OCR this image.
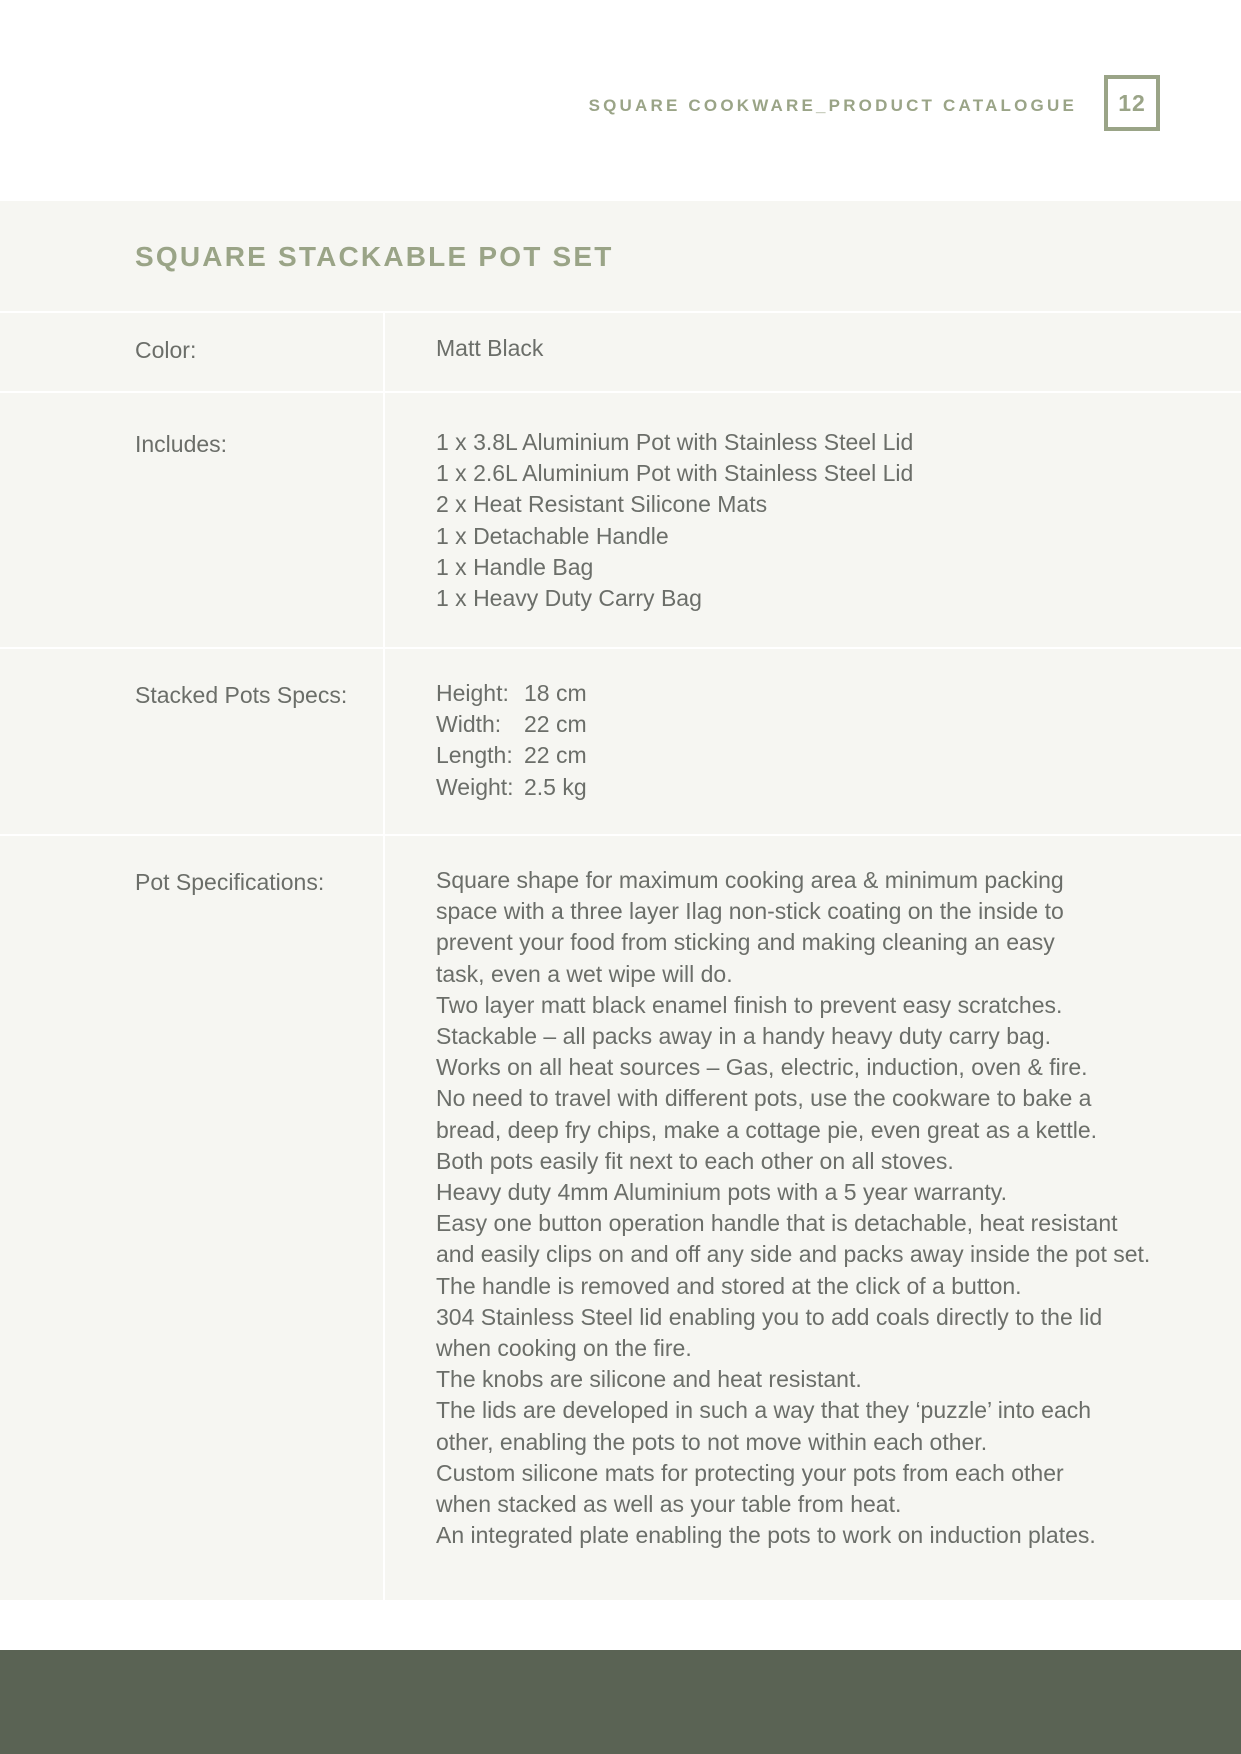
SQUARE COOKWARE_PRODUCT CATALOGUE	12
SQUARE STACKABLE POT SET
Color:	Matt Black
Includes:	1 x 3.8L Aluminium Pot with Stainless Steel Lid
1 x 2.6L Aluminium Pot with Stainless Steel Lid
2 x Heat Resistant Silicone Mats
1 x Detachable Handle
1 x Handle Bag
1 x Heavy Duty Carry Bag
Stacked Pots Specs:	Height: 18 cm
Width: 22 cm
Length: 22 cm
Weight: 2.5 kg
Pot Specifications:	Square shape for maximum cooking area & minimum packing
space with a three layer Ilag non-stick coating on the inside to
prevent your food from sticking and making cleaning an easy
task, even a wet wipe will do.
Two layer matt black enamel finish to prevent easy scratches.
Stackable – all packs away in a handy heavy duty carry bag.
Works on all heat sources – Gas, electric, induction, oven & fire.
No need to travel with different pots, use the cookware to bake a
bread, deep fry chips, make a cottage pie, even great as a kettle.
Both pots easily fit next to each other on all stoves.
Heavy duty 4mm Aluminium pots with a 5 year warranty.
Easy one button operation handle that is detachable, heat resistant
and easily clips on and off any side and packs away inside the pot set.
The handle is removed and stored at the click of a button.
304 Stainless Steel lid enabling you to add coals directly to the lid
when cooking on the fire.
The knobs are silicone and heat resistant.
The lids are developed in such a way that they ‘puzzle’ into each
other, enabling the pots to not move within each other.
Custom silicone mats for protecting your pots from each other
when stacked as well as your table from heat.
An integrated plate enabling the pots to work on induction plates.
